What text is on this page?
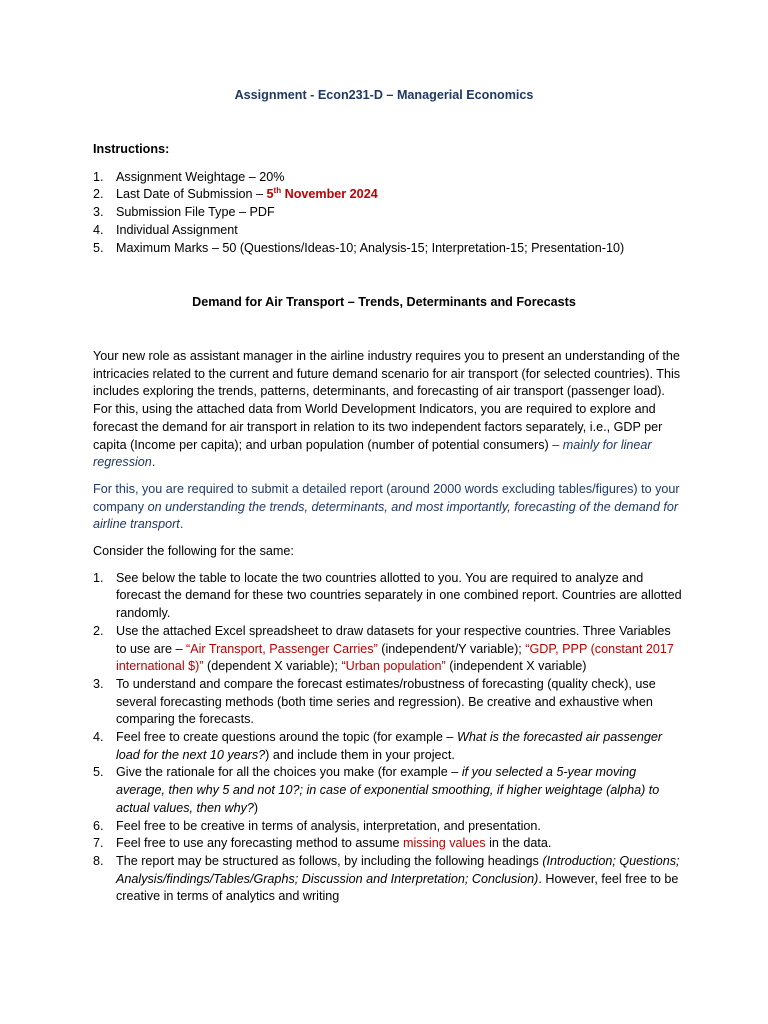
Assignment - Econ231-D – Managerial Economics
Instructions:
1. Assignment Weightage – 20%
2. Last Date of Submission – 5th November 2024
3. Submission File Type – PDF
4. Individual Assignment
5. Maximum Marks – 50 (Questions/Ideas-10; Analysis-15; Interpretation-15; Presentation-10)
Demand for Air Transport – Trends, Determinants and Forecasts

Your new role as assistant manager in the airline industry requires you to present an understanding of the intricacies related to the current and future demand scenario for air transport (for selected countries). This includes exploring the trends, patterns, determinants, and forecasting of air transport (passenger load). For this, using the attached data from World Development Indicators, you are required to explore and forecast the demand for air transport in relation to its two independent factors separately, i.e., GDP per capita (Income per capita); and urban population (number of potential consumers) – mainly for linear regression.

For this, you are required to submit a detailed report (around 2000 words excluding tables/figures) to your company on understanding the trends, determinants, and most importantly, forecasting of the demand for airline transport.

Consider the following for the same:

1. See below the table to locate the two countries allotted to you. You are required to analyze and forecast the demand for these two countries separately in one combined report. Countries are allotted randomly.
2. Use the attached Excel spreadsheet to draw datasets for your respective countries. Three Variables to use are – “Air Transport, Passenger Carries” (independent/Y variable); “GDP, PPP (constant 2017 international $)” (dependent X variable); “Urban population” (independent X variable)
3. To understand and compare the forecast estimates/robustness of forecasting (quality check), use several forecasting methods (both time series and regression). Be creative and exhaustive when comparing the forecasts.
4. Feel free to create questions around the topic (for example – What is the forecasted air passenger load for the next 10 years?) and include them in your project.
5. Give the rationale for all the choices you make (for example – if you selected a 5-year moving average, then why 5 and not 10?; in case of exponential smoothing, if higher weightage (alpha) to actual values, then why?)
6. Feel free to be creative in terms of analysis, interpretation, and presentation.
7. Feel free to use any forecasting method to assume missing values in the data.
8. The report may be structured as follows, by including the following headings (Introduction; Questions; Analysis/findings/Tables/Graphs; Discussion and Interpretation; Conclusion). However, feel free to be creative in terms of analytics and writing
